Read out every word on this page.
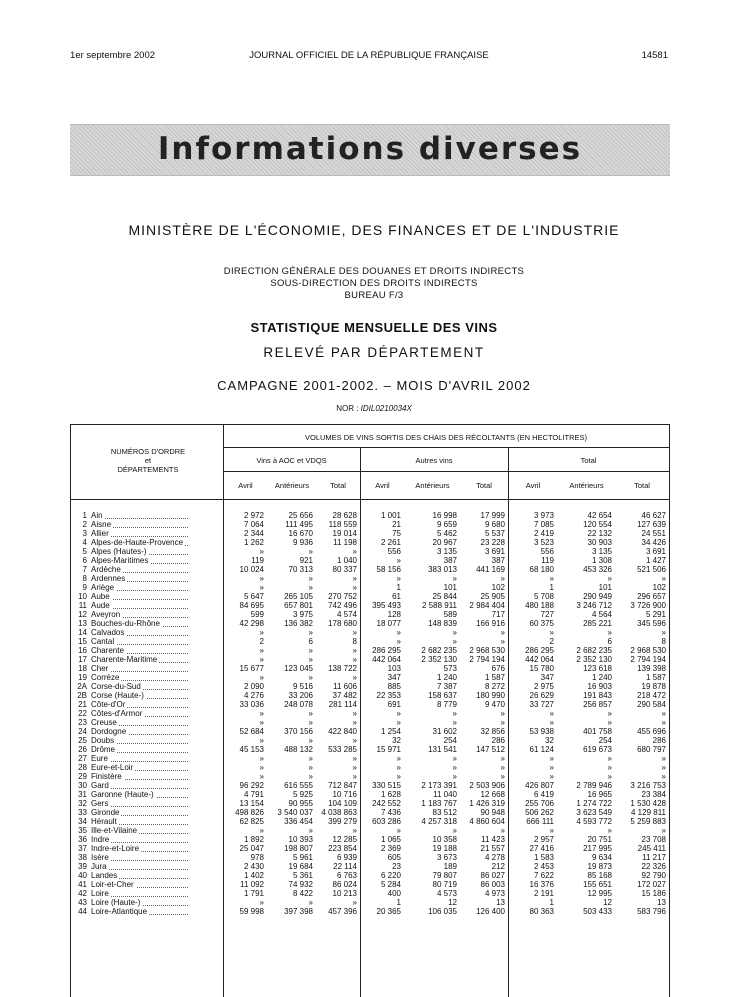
1er septembre 2002	JOURNAL OFFICIEL DE LA RÉPUBLIQUE FRANÇAISE	14581
Informations diverses
MINISTÈRE DE L'ÉCONOMIE, DES FINANCES ET DE L'INDUSTRIE
DIRECTION GÉNÉRALE DES DOUANES ET DROITS INDIRECTS
SOUS-DIRECTION DES DROITS INDIRECTS
BUREAU F/3
STATISTIQUE MENSUELLE DES VINS
RELEVÉ PAR DÉPARTEMENT
CAMPAGNE 2001-2002. – MOIS D'AVRIL 2002
NOR : IDIL0210034X
NUMÉROS D'ORDRE
et
DÉPARTEMENTS
VOLUMES DE VINS SORTIS DES CHAIS DES RÉCOLTANTS (EN HECTOLITRES)
Vins à AOC et VDQS	Autres vins	Total
Avril	Antérieurs	Total	Avril	Antérieurs	Total	Avril	Antérieurs	Total
1 Ain	2 972	25 656	28 628	1 001	16 998	17 999	3 973	42 654	46 627
2 Aisne	7 064	111 495	118 559	21	9 659	9 680	7 085	120 554	127 639
3 Allier	2 344	16 670	19 014	75	5 462	5 537	2 419	22 132	24 551
4 Alpes-de-Haute-Provence	1 262	9 936	11 198	2 261	20 967	23 228	3 523	30 903	34 426
5 Alpes (Hautes-)	»	»	»	556	3 135	3 691	556	3 135	3 691
6 Alpes-Maritimes	119	921	1 040	»	387	387	119	1 308	1 427
7 Ardèche	10 024	70 313	80 337	58 156	383 013	441 169	68 180	453 326	521 506
8 Ardennes	»	»	»	»	»	»	»	»	»
9 Ariège	»	»	»	1	101	102	1	101	102
10 Aube	5 647	265 105	270 752	61	25 844	25 905	5 708	290 949	296 657
11 Aude	84 695	657 801	742 496	395 493	2 588 911	2 984 404	480 188	3 246 712	3 726 900
12 Aveyron	599	3 975	4 574	128	589	717	727	4 564	5 291
13 Bouches-du-Rhône	42 298	136 382	178 680	18 077	148 839	166 916	60 375	285 221	345 596
14 Calvados	»	»	»	»	»	»	»	»	»
15 Cantal	2	6	8	»	»	»	2	6	8
16 Charente	»	»	»	286 295	2 682 235	2 968 530	286 295	2 682 235	2 968 530
17 Charente-Maritime	»	»	»	442 064	2 352 130	2 794 194	442 064	2 352 130	2 794 194
18 Cher	15 677	123 045	138 722	103	573	676	15 780	123 618	139 398
19 Corrèze	»	»	»	347	1 240	1 587	347	1 240	1 587
2A Corse-du-Sud	2 090	9 516	11 606	885	7 387	8 272	2 975	16 903	19 878
2B Corse (Haute-)	4 276	33 206	37 482	22 353	158 637	180 990	26 629	191 843	218 472
21 Côte-d'Or	33 036	248 078	281 114	691	8 779	9 470	33 727	256 857	290 584
22 Côtes-d'Armor	»	»	»	»	»	»	»	»	»
23 Creuse	»	»	»	»	»	»	»	»	»
24 Dordogne	52 684	370 156	422 840	1 254	31 602	32 856	53 938	401 758	455 696
25 Doubs	»	»	»	32	254	286	32	254	286
26 Drôme	45 153	488 132	533 285	15 971	131 541	147 512	61 124	619 673	680 797
27 Eure	»	»	»	»	»	»	»	»	»
28 Eure-et-Loir	»	»	»	»	»	»	»	»	»
29 Finistère	»	»	»	»	»	»	»	»	»
30 Gard	96 292	616 555	712 847	330 515	2 173 391	2 503 906	426 807	2 789 946	3 216 753
31 Garonne (Haute-)	4 791	5 925	10 716	1 628	11 040	12 668	6 419	16 965	23 384
32 Gers	13 154	90 955	104 109	242 552	1 183 767	1 426 319	255 706	1 274 722	1 530 428
33 Gironde	498 826	3 540 037	4 038 863	7 436	83 512	90 948	506 262	3 623 549	4 129 811
34 Hérault	62 825	336 454	399 279	603 286	4 257 318	4 860 604	666 111	4 593 772	5 259 883
35 Ille-et-Vilaine	»	»	»	»	»	»	»	»	»
36 Indre	1 892	10 393	12 285	1 065	10 358	11 423	2 957	20 751	23 708
37 Indre-et-Loire	25 047	198 807	223 854	2 369	19 188	21 557	27 416	217 995	245 411
38 Isère	978	5 961	6 939	605	3 673	4 278	1 583	9 634	11 217
39 Jura	2 430	19 684	22 114	23	189	212	2 453	19 873	22 326
40 Landes	1 402	5 361	6 763	6 220	79 807	86 027	7 622	85 168	92 790
41 Loir-et-Cher	11 092	74 932	86 024	5 284	80 719	86 003	16 376	155 651	172 027
42 Loire	1 791	8 422	10 213	400	4 573	4 973	2 191	12 995	15 186
43 Loire (Haute-)	»	»	»	1	12	13	1	12	13
44 Loire-Atlantique	59 998	397 398	457 396	20 365	106 035	126 400	80 363	503 433	583 796
